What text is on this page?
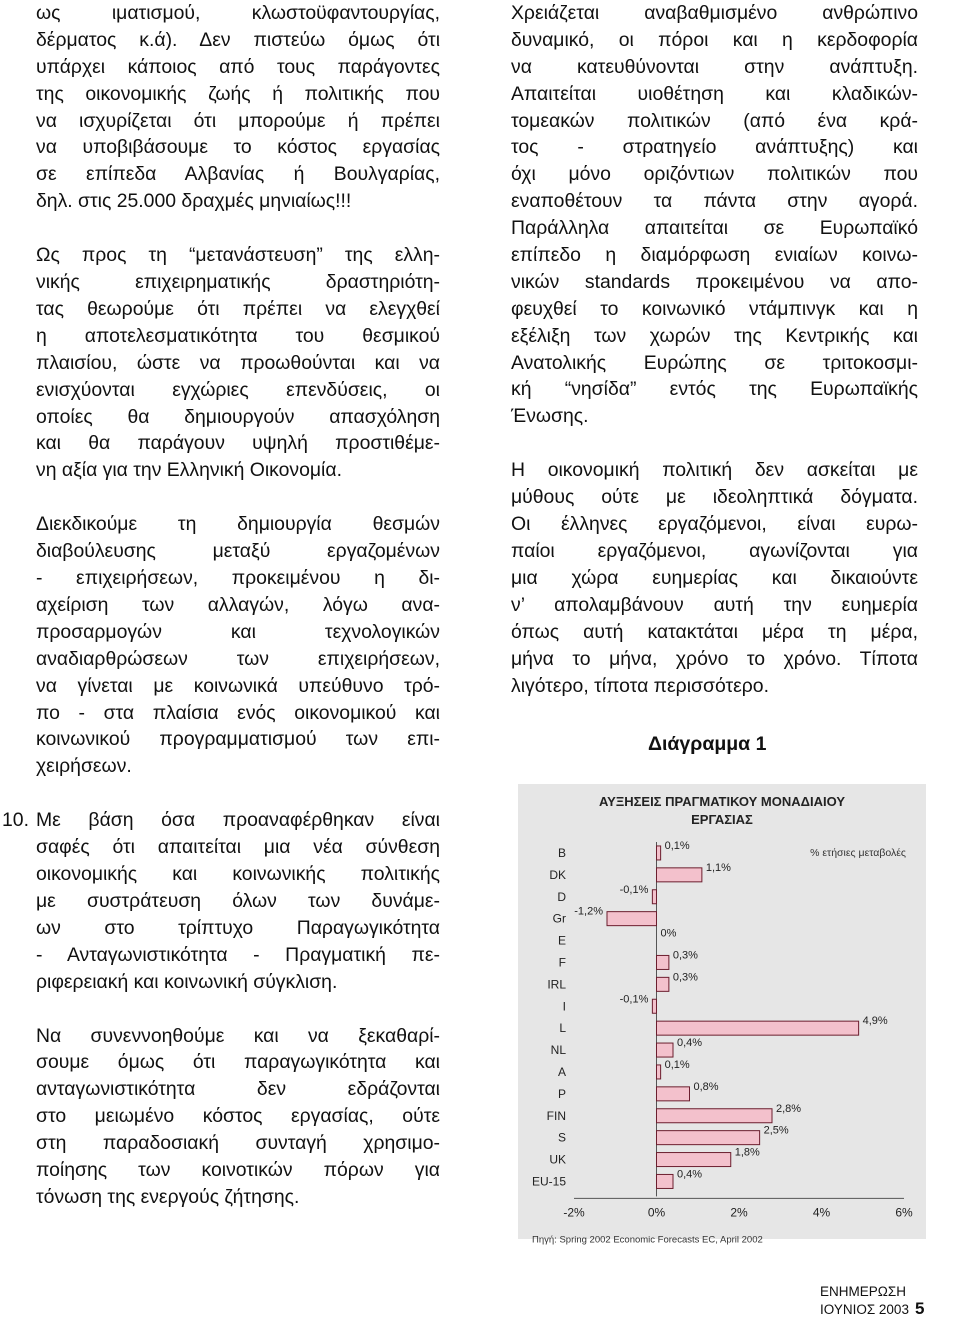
ως ιματισμού, κλωστοϋφαντουργίας,
δέρματος κ.ά). Δεν πιστεύω όμως ότι
υπάρχει κάποιος από τους παράγοντες
της οικονομικής ζωής ή πολιτικής που
να ισχυρίζεται ότι μπορούμε ή πρέπει
να υποβιβάσουμε το κόστος εργασίας
σε επίπεδα Αλβανίας ή Βουλγαρίας,
δηλ. στις 25.000 δραχμές μηνιαίως!!!
Ως προς τη “μετανάστευση” της ελλη-
νικής επιχειρηματικής δραστηριότη-
τας θεωρούμε ότι πρέπει να ελεγχθεί
η αποτελεσματικότητα του θεσμικού
πλαισίου, ώστε να προωθούνται και να
ενισχύονται εγχώριες επενδύσεις, οι
οποίες θα δημιουργούν απασχόληση
και θα παράγουν υψηλή προστιθέμε-
νη αξία για την Ελληνική Οικονομία.
Διεκδικούμε τη δημιουργία θεσμών
διαβούλευσης μεταξύ εργαζομένων
- επιχειρήσεων, προκειμένου η δι-
αχείριση των αλλαγών, λόγω ανα-
προσαρμογών και τεχνολογικών
αναδιαρθρώσεων των επιχειρήσεων,
να γίνεται με κοινωνικά υπεύθυνο τρό-
πο - στα πλαίσια ενός οικονομικού και
κοινωνικού προγραμματισμού των επι-
χειρήσεων.
10. Με βάση όσα προαναφέρθηκαν είναι
σαφές ότι απαιτείται μια νέα σύνθεση
οικονομικής και κοινωνικής πολιτικής
με συστράτευση όλων των δυνάμε-
ων στο τρίπτυχο Παραγωγικότητα
- Ανταγωνιστικότητα - Πραγματική πε-
ριφερειακή και κοινωνική σύγκλιση.
Να συνεννοηθούμε και να ξεκαθαρί-
σουμε όμως ότι παραγωγικότητα και
ανταγωνιστικότητα δεν εδράζονται
στο μειωμένο κόστος εργασίας, ούτε
στη παραδοσιακή συνταγή χρησιμο-
ποίησης των κοινοτικών πόρων για
τόνωση της ενεργούς ζήτησης.
Χρειάζεται αναβαθμισμένο ανθρώπινο
δυναμικό, οι πόροι και η κερδοφορία
να κατευθύνονται στην ανάπτυξη.
Απαιτείται υιοθέτηση και κλαδικών-
τομεακών πολιτικών (από ένα κρά-
τος - στρατηγείο ανάπτυξης) και
όχι μόνο οριζόντιων πολιτικών που
εναποθέτουν τα πάντα στην αγορά.
Παράλληλα απαιτείται σε Ευρωπαϊκό
επίπεδο η διαμόρφωση ενιαίων κοινω-
νικών standards προκειμένου να απο-
φευχθεί το κοινωνικό ντάμπινγκ και η
εξέλιξη των χωρών της Κεντρικής και
Ανατολικής Ευρώπης σε τριτοκοσμι-
κή “νησίδα” εντός της Ευρωπαϊκής
Ένωσης.
Η οικονομική πολιτική δεν ασκείται με
μύθους ούτε με ιδεοληπτικά δόγματα.
Οι έλληνες εργαζόμενοι, είναι ευρω-
παίοι εργαζόμενοι, αγωνίζονται για
μια χώρα ευημερίας και δικαιούντε
ν’ απολαμβάνουν αυτή την ευημερία
όπως αυτή κατακτάται μέρα τη μέρα,
μήνα το μήνα, χρόνο το χρόνο. Τίποτα
λιγότερο, τίποτα περισσότερο.
Διάγραμμα 1
ΑΥΞΗΣΕΙΣ ΠΡΑΓΜΑΤΙΚΟΥ ΜΟΝΑΔΙΑΙΟΥ
ΕΡΓΑΣΙΑΣ
% ετήσιες μεταβολές
B	0,1%
DK	1,1%
D	-0,1%
Gr -1,2%
E	0%
F	0,3%
IRL	0,3%
I	-0,1%
L	4,9%
NL	0,4%
A	0,1%
P	0,8%
FIN	2,8%
S	2,5%
UK	1,8%
EU-15	0,4%
-2%	0%	2%	4%	6%
Πηγή: Spring 2002 Economic Forecasts EC, April 2002
ΕΝΗΜΕΡΩΣΗ ΙΟΥΝΙΟΣ 2003 5
